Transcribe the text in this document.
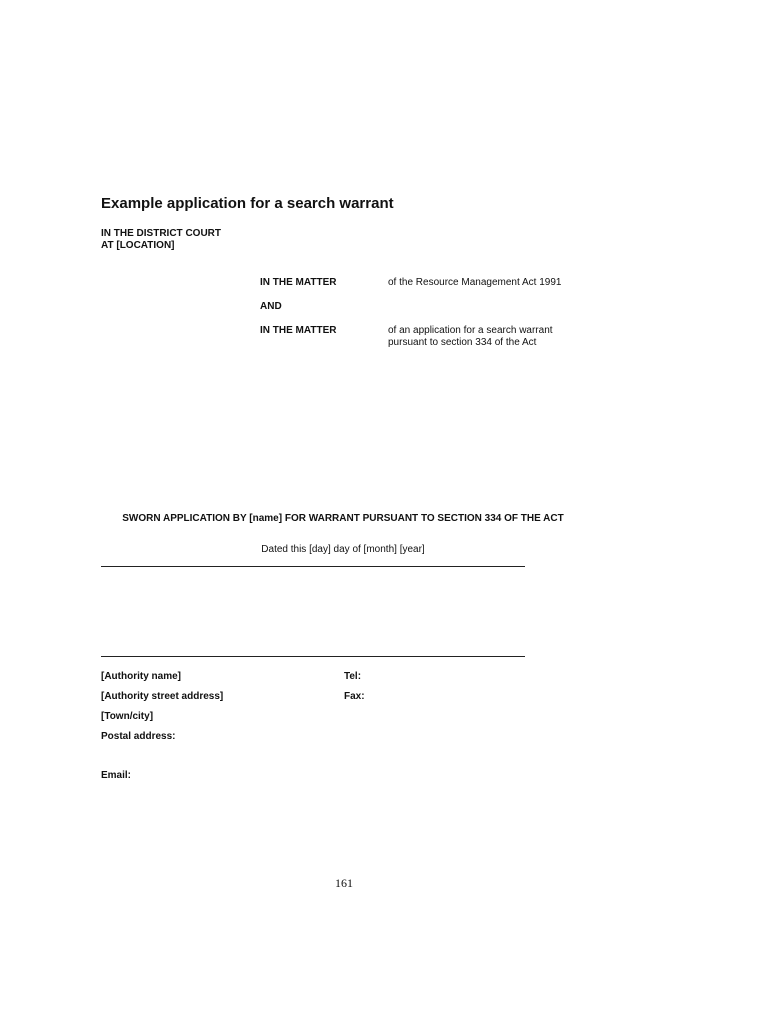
Example application for a search warrant
IN THE DISTRICT COURT
AT [LOCATION]
IN THE MATTER	of the Resource Management Act 1991
AND
IN THE MATTER	of an application for a search warrant
pursuant to section 334 of the Act
SWORN APPLICATION BY [name] FOR WARRANT PURSUANT TO SECTION 334 OF THE ACT
Dated this [day] day of [month] [year]
[Authority name]
[Authority street address]
[Town/city]
Postal address:
Email:
Tel:
Fax:
161
